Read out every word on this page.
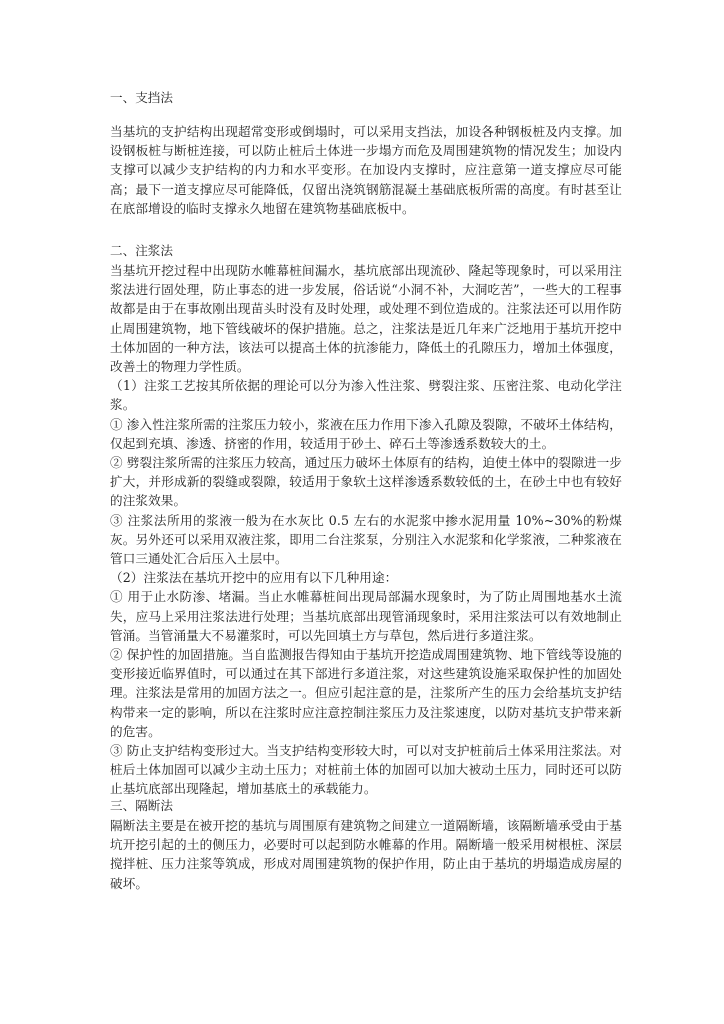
一、支挡法

当基坑的支护结构出现超常变形或倒塌时，可以采用支挡法，加设各种钢板桩及内支撑。加设钢板桩与断桩连接，可以防止桩后土体进一步塌方而危及周围建筑物的情况发生；加设内支撑可以减少支护结构的内力和水平变形。在加设内支撑时，应注意第一道支撑应尽可能高；最下一道支撑应尽可能降低，仅留出浇筑钢筋混凝土基础底板所需的高度。有时甚至让在底部增设的临时支撑永久地留在建筑物基础底板中。

二、注浆法

当基坑开挖过程中出现防水帷幕桩间漏水，基坑底部出现流砂、隆起等现象时，可以采用注浆法进行固处理，防止事态的进一步发展，俗话说“小洞不补，大洞吃苦”，一些大的工程事故都是由于在事故刚出现苗头时没有及时处理，或处理不到位造成的。注浆法还可以用作防止周围建筑物，地下管线破坏的保护措施。总之，注浆法是近几年来广泛地用于基坑开挖中土体加固的一种方法，该法可以提高土体的抗渗能力，降低土的孔隙压力，增加土体强度，改善土的物理力学性质。

（1）注浆工艺按其所依据的理论可以分为渗入性注浆、劈裂注浆、压密注浆、电动化学注浆。

① 渗入性注浆所需的注浆压力较小，浆液在压力作用下渗入孔隙及裂隙，不破坏土体结构，仅起到充填、渗透、挤密的作用，较适用于砂土、碎石土等渗透系数较大的土。

② 劈裂注浆所需的注浆压力较高，通过压力破坏土体原有的结构，迫使土体中的裂隙进一步扩大，并形成新的裂缝或裂隙，较适用于象软土这样渗透系数较低的土，在砂土中也有较好的注浆效果。

③ 注浆法所用的浆液一般为在水灰比 0.5 左右的水泥浆中掺水泥用量 10%~30%的粉煤灰。另外还可以采用双液注浆，即用二台注浆泵，分别注入水泥浆和化学浆液，二种浆液在管口三通处汇合后压入土层中。

（2）注浆法在基坑开挖中的应用有以下几种用途：

① 用于止水防渗、堵漏。当止水帷幕桩间出现局部漏水现象时，为了防止周围地基水土流失，应马上采用注浆法进行处理；当基坑底部出现管涌现象时，采用注浆法可以有效地制止管涌。当管涌量大不易灌浆时，可以先回填土方与草包，然后进行多道注浆。

② 保护性的加固措施。当自监测报告得知由于基坑开挖造成周围建筑物、地下管线等设施的变形接近临界值时，可以通过在其下部进行多道注浆，对这些建筑设施采取保护性的加固处理。注浆法是常用的加固方法之一。但应引起注意的是，注浆所产生的压力会给基坑支护结构带来一定的影响，所以在注浆时应注意控制注浆压力及注浆速度，以防对基坑支护带来新的危害。

③ 防止支护结构变形过大。当支护结构变形较大时，可以对支护桩前后土体采用注浆法。对桩后土体加固可以减少主动土压力；对桩前土体的加固可以加大被动土压力，同时还可以防止基坑底部出现隆起，增加基底土的承载能力。

三、隔断法

隔断法主要是在被开挖的基坑与周围原有建筑物之间建立一道隔断墙，该隔断墙承受由于基坑开挖引起的土的侧压力，必要时可以起到防水帷幕的作用。隔断墙一般采用树根桩、深层搅拌桩、压力注浆等筑成，形成对周围建筑物的保护作用，防止由于基坑的坍塌造成房屋的破坏。
